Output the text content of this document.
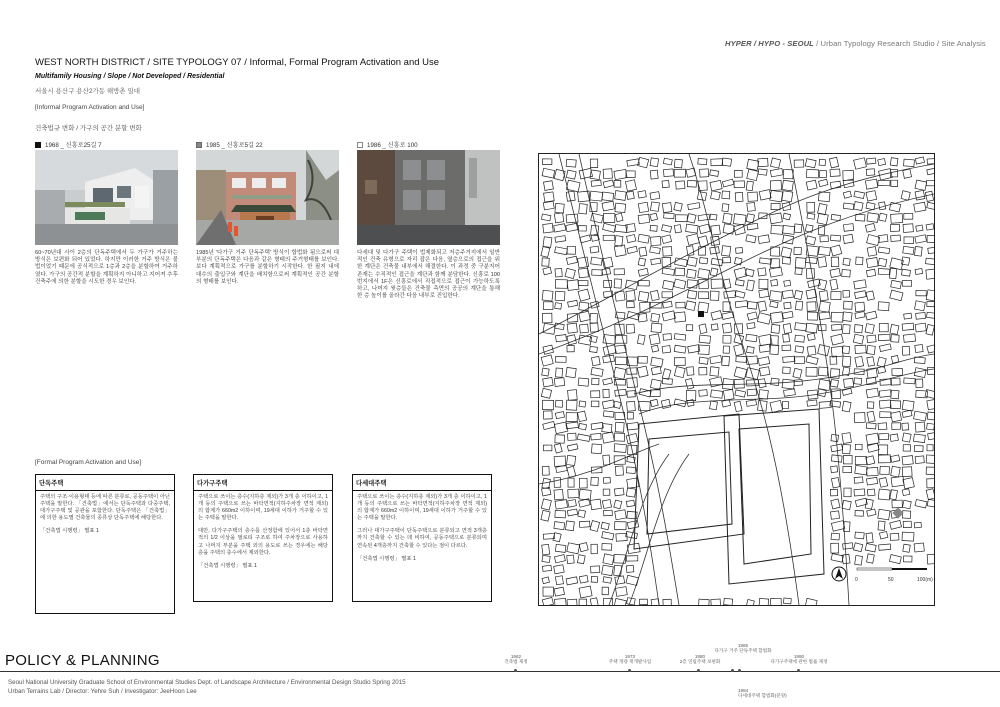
HYPER / HYPO - SEOUL / Urban Typology Research Studio / Site Analysis
WEST NORTH DISTRICT / SITE TYPOLOGY 07 / Informal, Formal Program Activation and Use
Multifamily Housing / Slope / Not Developed / Residential
서울시 용산구 용산2가동 해방촌 일대
[Informal Program Activation and Use]
건축법규 변화 / 가구의 공간 분할 변화
1968 _ 신흥로25길 7
60~70년대 사이 2층의 단독주택에서 두 가구가 거주하는 방식은 보편화 되어 있었다. 하지만 이러한 거주 방식은 불법이었기 때문에 공식적으로 1층과 2층을 분할하여 거주하였다. 가구의 공간적 분할을 계획하지 아니하고 지어져 추후 건축주에 의한 분할을 시도한 경우 보인다.
1985 _ 신흥로5길 22
1985년 '다가구 거주 단독주택' 방식이 합법화 됨으로써 대부분의 단독주택은 다음과 같은 형태의 주거형태를 보인다. 보다 계획적으로 가구를 분할하기 시작한다. 한 필지 내에 대수의 출입구와 계단을 배치함으로써 계획적인 공간 분할의 형태를 보인다.
1986 _ 신흥로 100
다세대 및 다가구 주택이 법제화되고 저층주거지에서 일반적인 건축 유형으로 자리 잡은 다음, 옆층으로의 접근을 위한 계단은 건축물 내부에서 해결한다. 이 과정 중 구분지어 존재는 수직적인 접근을 계단과 함께 분담한다. 신흥로 100 번지에서 1F은 신흥로에서 직접적으로 접근이 가능하도록 하고, 나머지 윗층들은 건축물 측면의 공공의 계단을 통해 한 층 높이를 올라간 다음 내부로 진입한다.
[Formal Program Activation and Use]
단독주택

주택의 구조·이용형태 등에 따른 분류로, 공동주택이 아닌 주택을 말한다. 「건축법」에서는 단독주택과 다중주택, 대가구주택 및 공관을 포함한다. 단독주택은 「건축법」에 의한 용도별 건축물의 종류상 단독주택에 해당한다.

「건축법 시행령」 별표 1

다가구주택

주택으로 쓰이는 층수(지하층 제외)가 3개 층 이하이고, 1개 동의 주택으로 쓰는 바닥면적(지하주차장 면적 제외)의 합계가 660m2 이하이며, 19세대 이하가 거주할 수 있는 주택을 말한다.

대만, 다가구주택의 층수를 산정함에 있어서 1층 바닥면적의 1/2 이상을 필로티 구조로 하여 주차장으로 사용하고 나머지 부분을 주택 외의 용도로 쓰는 경우에는 해당 층을 주택의 층수에서 제외한다.

「건축법 시행령」 별표 1

다세대주택

주택으로 쓰이는 층수(지하층 제외)가 3개 층 이하이고, 1개 동의 주택으로 쓰는 바닥면적(지하주차장 면적 제외)의 합계가 660m2 이하이며, 19세대 이하가 거주할 수 있는 주택을 말한다.

그러나 대가구주택이 단독주택으로 분류되고 면적 3개층까지 건축할 수 있는 데 비하여, 공동주택으로 분류되며 연속된 4개층까지 건축할 수 있다는 점이 다르다.

「건축법 시행령」 별표 1

0	50	100(m)
POLICY & PLANNING	1962
건축법 제정
1973
주택 개량 재개발사업
1980
2층 연립주택 보편화
1985
다가구 거주 단독주택 합법화
1984
다세대주택 합법화(분양)
1990
다가구주택에 관한 법률 제정
Seoul National University Graduate School of Environmental Studies Dept. of Landscape Architecture / Environmental Design Studio Spring 2015
Urban Terrains Lab / Director: Yehre Suh / Investigator: JeeHoon Lee
